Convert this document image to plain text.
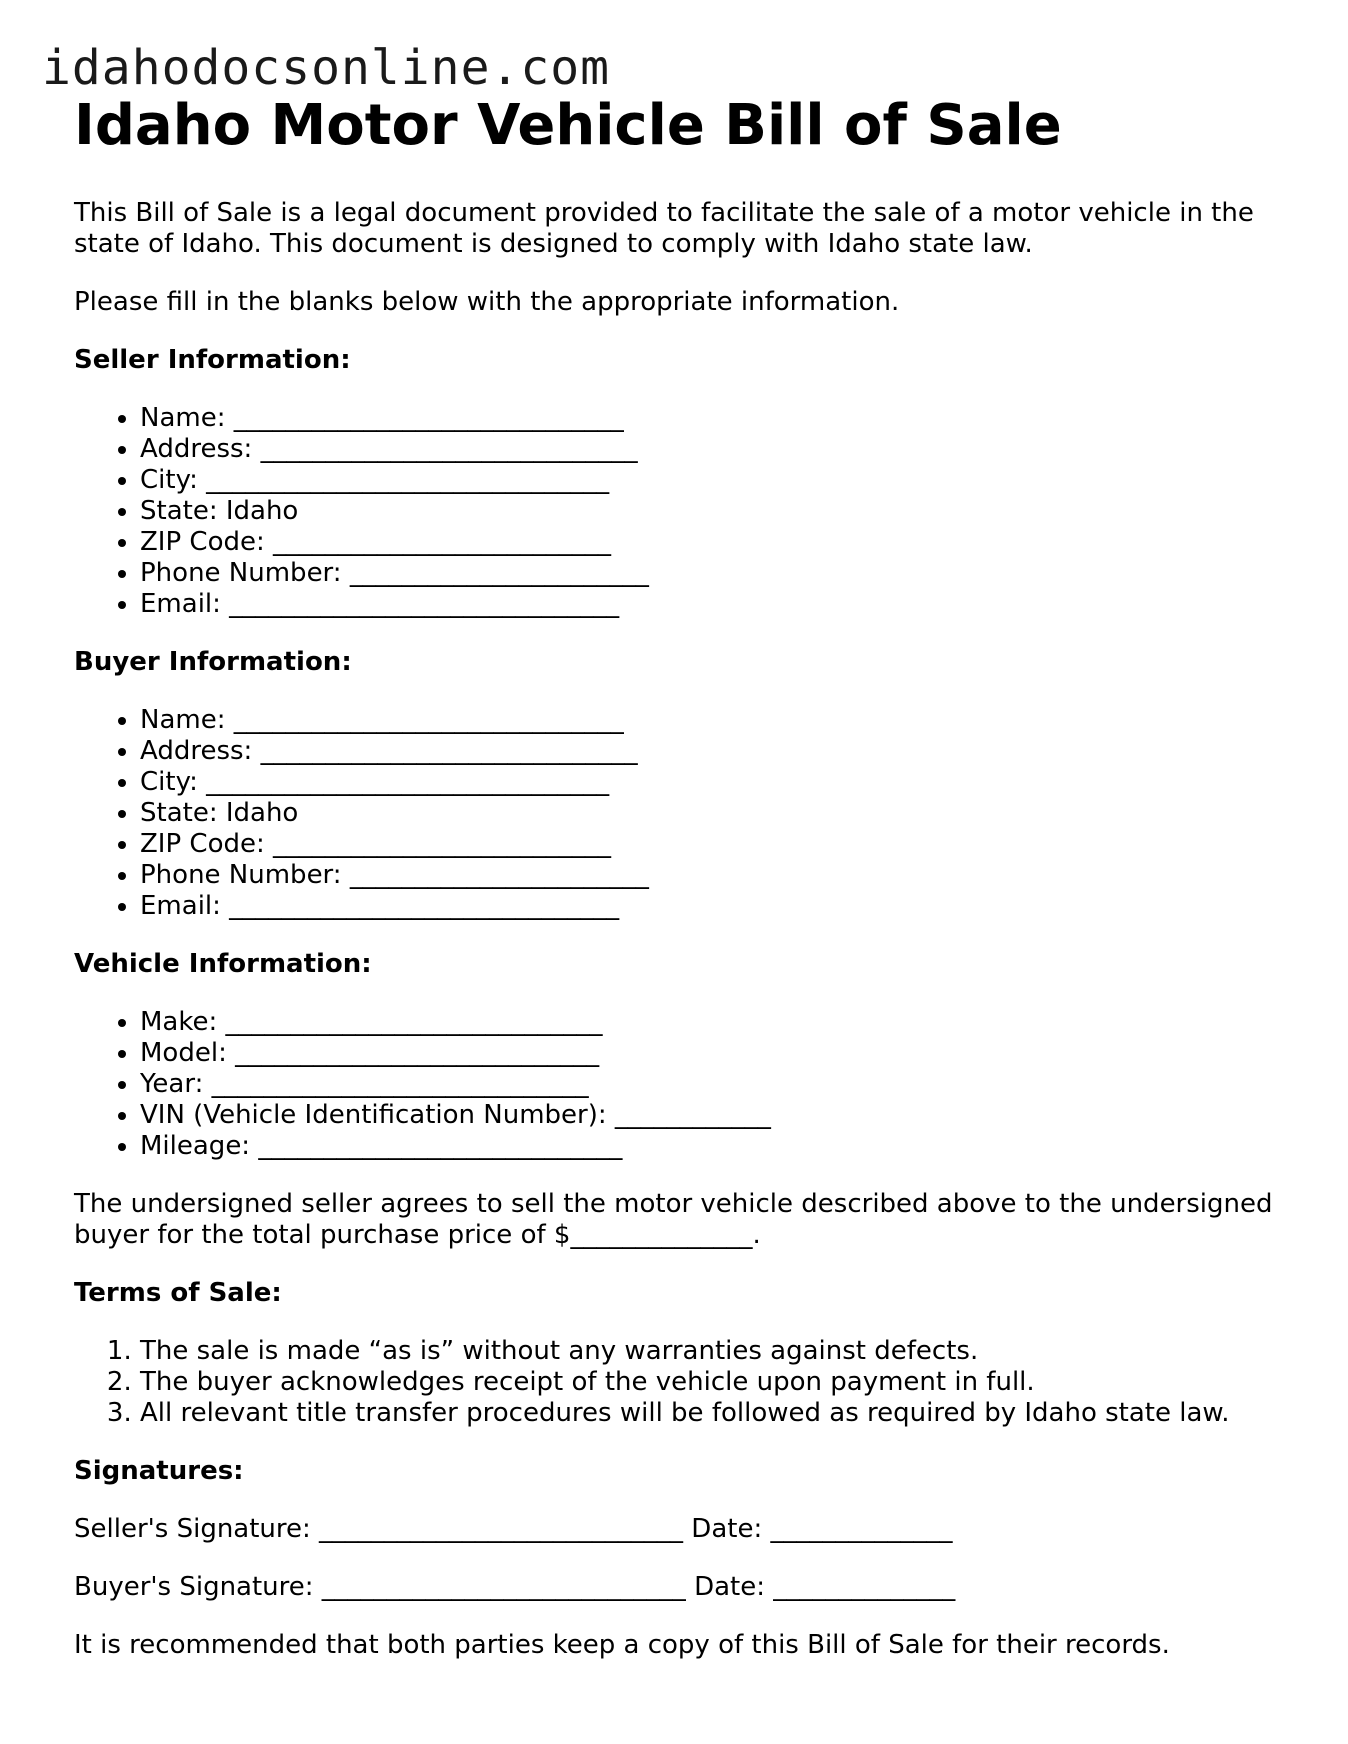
idahodocsonline.com
Idaho Motor Vehicle Bill of Sale

This Bill of Sale is a legal document provided to facilitate the sale of a motor vehicle in the state of Idaho. This document is designed to comply with Idaho state law.

Please fill in the blanks below with the appropriate information.

Seller Information:
• Name: ______________________________
• Address: _____________________________
• City: _______________________________
• State: Idaho
• ZIP Code: __________________________
• Phone Number: _______________________
• Email: ______________________________
Buyer Information:
• Name: ______________________________
• Address: _____________________________
• City: _______________________________
• State: Idaho
• ZIP Code: __________________________
• Phone Number: _______________________
• Email: ______________________________
Vehicle Information:
• Make: _____________________________
• Model: ____________________________
• Year: _____________________________
• VIN (Vehicle Identification Number): ____________
• Mileage: ____________________________

The undersigned seller agrees to sell the motor vehicle described above to the undersigned buyer for the total purchase price of $______________.

Terms of Sale:
1. The sale is made “as is” without any warranties against defects.
2. The buyer acknowledges receipt of the vehicle upon payment in full.
3. All relevant title transfer procedures will be followed as required by Idaho state law.
Signatures:

Seller's Signature: ____________________________ Date: ______________

Buyer's Signature: ____________________________ Date: ______________

It is recommended that both parties keep a copy of this Bill of Sale for their records.
